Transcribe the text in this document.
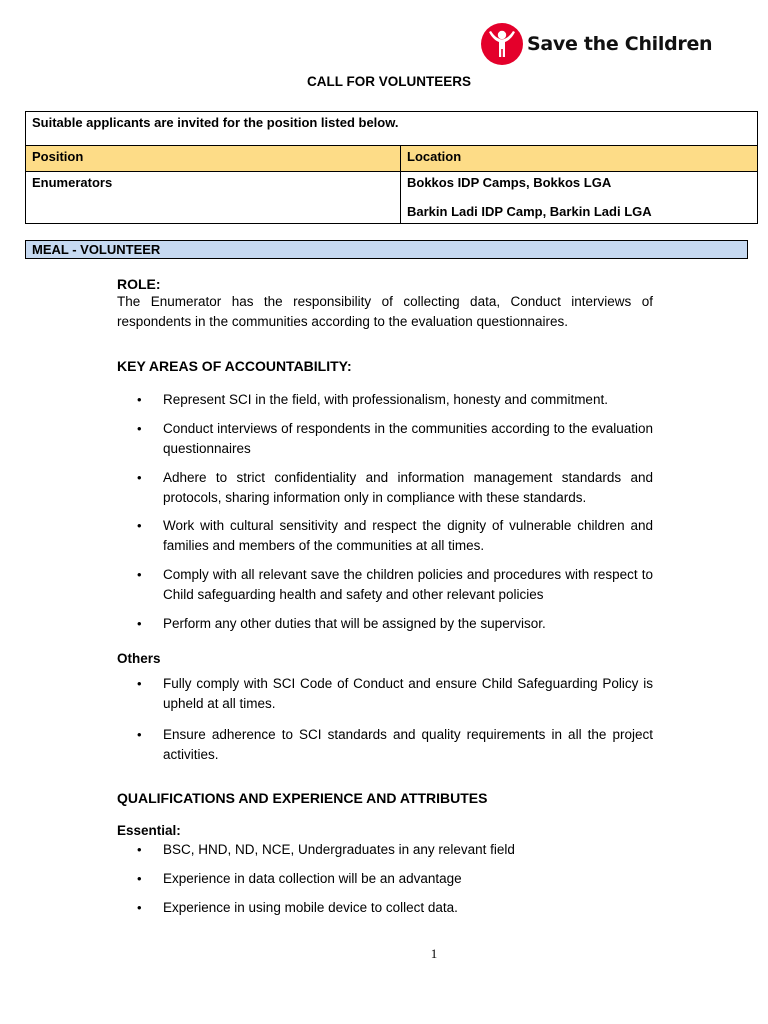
Save the Children
CALL FOR VOLUNTEERS
Suitable applicants are invited for the position listed below.	
Position	Location
Enumerators	Bokkos IDP Camps, Bokkos LGA
Barkin Ladi IDP Camp, Barkin Ladi LGA
MEAL - VOLUNTEER
ROLE:

The Enumerator has the responsibility of collecting data, Conduct interviews of respondents in the communities according to the evaluation questionnaires.

KEY AREAS OF ACCOUNTABILITY:
• Represent SCI in the field, with professionalism, honesty and commitment.
• Conduct interviews of respondents in the communities according to the evaluation questionnaires
• Adhere to strict confidentiality and information management standards and protocols, sharing information only in compliance with these standards.
• Work with cultural sensitivity and respect the dignity of vulnerable children and families and members of the communities at all times.
• Comply with all relevant save the children policies and procedures with respect to Child safeguarding health and safety and other relevant policies
• Perform any other duties that will be assigned by the supervisor.
Others
• Fully comply with SCI Code of Conduct and ensure Child Safeguarding Policy is upheld at all times.
• Ensure adherence to SCI standards and quality requirements in all the project activities.
QUALIFICATIONS AND EXPERIENCE AND ATTRIBUTES
Essential:
• BSC, HND, ND, NCE, Undergraduates in any relevant field
• Experience in data collection will be an advantage
• Experience in using mobile device to collect data.
1
